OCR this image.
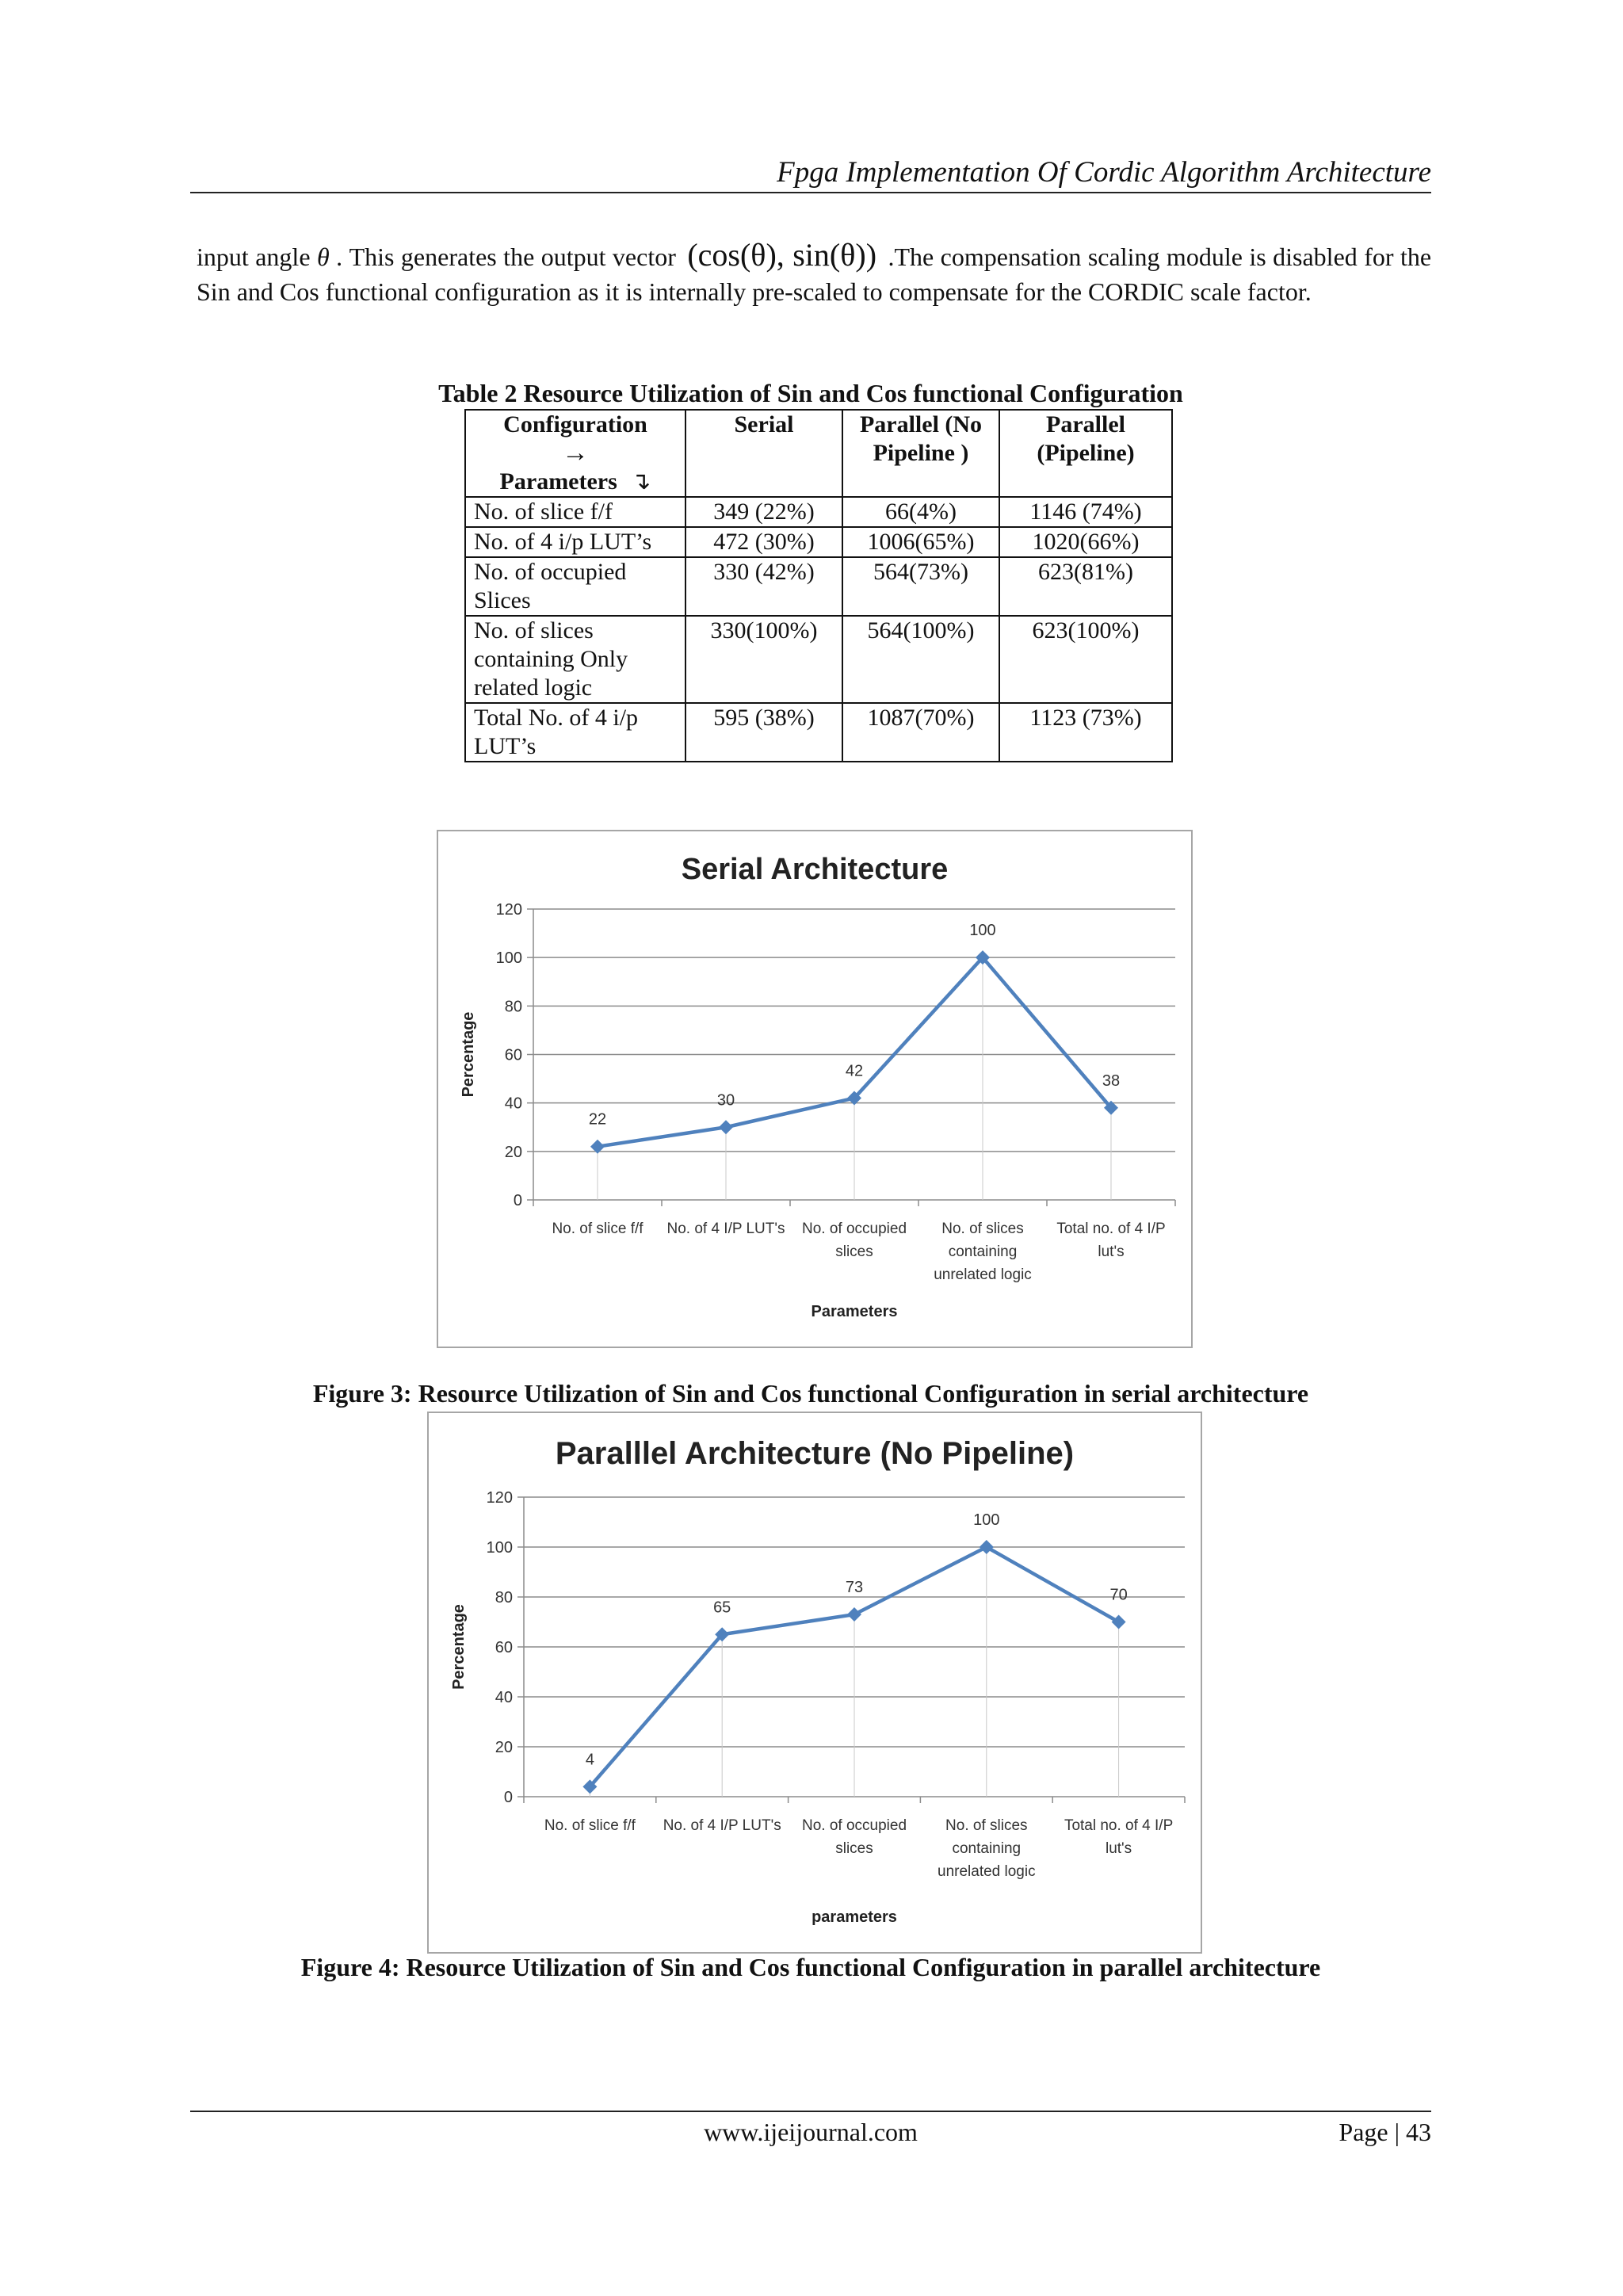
Fpga Implementation Of Cordic Algorithm Architecture
input angle θ . This generates the output vector (cos(θ), sin(θ)) .The compensation scaling module is disabled for the Sin and Cos functional configuration as it is internally pre-scaled to compensate for the CORDIC scale factor.
Table 2 Resource Utilization of Sin and Cos functional Configuration
Configuration
→
Parameters ↴	Serial	Parallel (No Pipeline )	Parallel (Pipeline)
No. of slice f/f	349 (22%)	66(4%)	1146 (74%)
No. of 4 i/p LUT’s	472 (30%)	1006(65%)	1020(66%)
No. of occupied Slices	330 (42%)	564(73%)	623(81%)
No. of slices containing Only related logic	330(100%)	564(100%)	623(100%)
Total No. of 4 i/p LUT’s	595 (38%)	1087(70%)	1123 (73%)
Serial Architecture
0
20
40
60
80
100
120
No. of slice f/f No. of 4 I/P LUT's No. of occupied slices
No. of slices containing unrelated logic
Total no. of 4 I/P lut's
Parameters
Percentage
22
30
42
100
38
Figure 3: Resource Utilization of Sin and Cos functional Configuration in serial architecture
Paralllel Architecture (No Pipeline)
0
20
40
60
80
100
120
No. of slice f/f No. of 4 I/P LUT's No. of occupied slices
No. of slices containing unrelated logic
Total no. of 4 I/P lut's
parameters
Percentage
4
65
73
100
70
Figure 4: Resource Utilization of Sin and Cos functional Configuration in parallel architecture
www.ijeijournal.com	Page | 43
